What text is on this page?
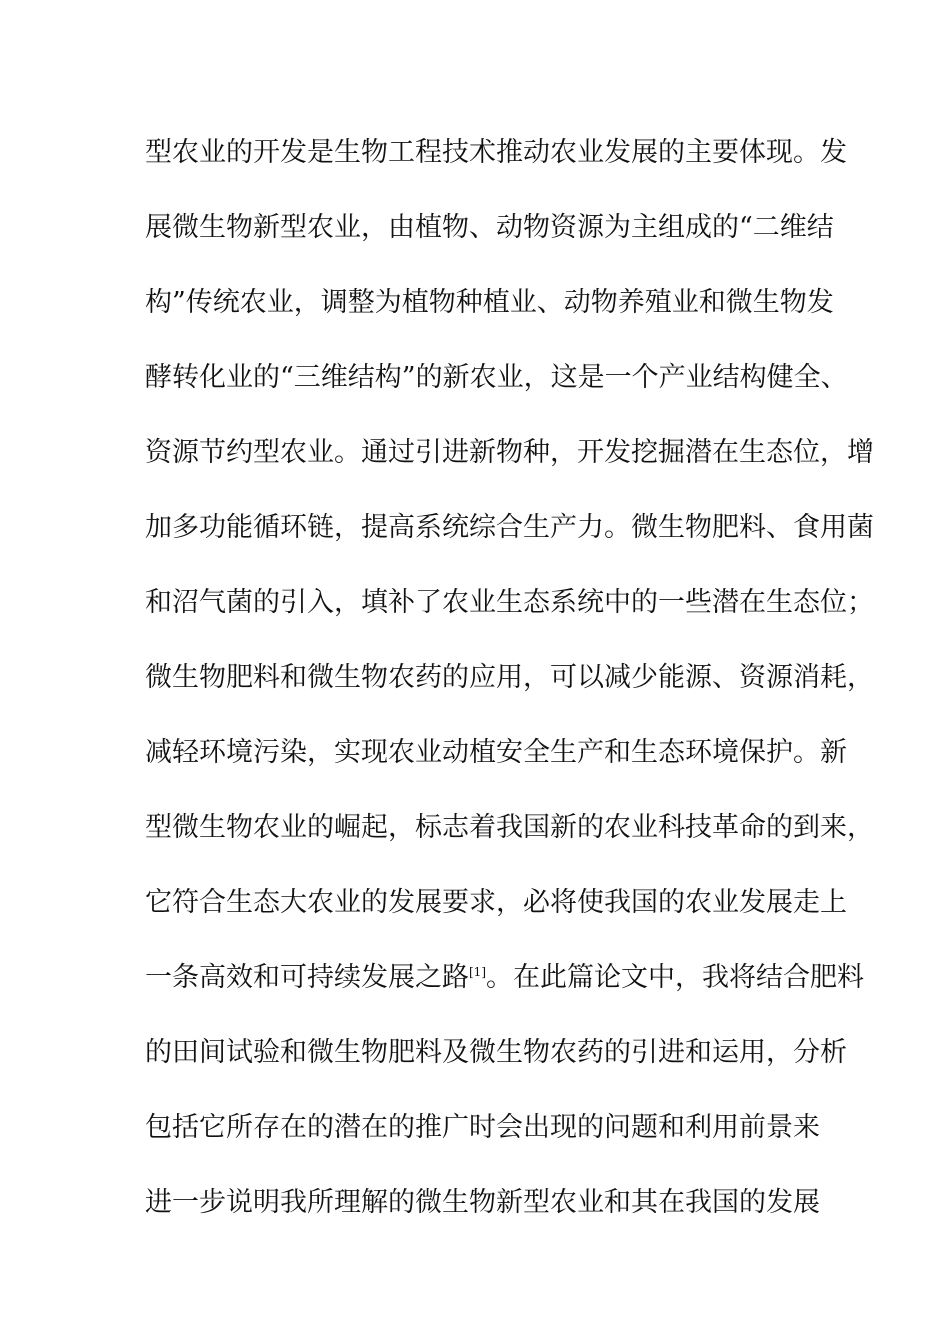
型农业的开发是生物工程技术推动农业发展的主要体现。发
展微生物新型农业，由植物、动物资源为主组成的“二维结
构”传统农业，调整为植物种植业、动物养殖业和微生物发
酵转化业的“三维结构”的新农业，这是一个产业结构健全、
资源节约型农业。通过引进新物种，开发挖掘潜在生态位，增
加多功能循环链，提高系统综合生产力。微生物肥料、食用菌
和沼气菌的引入，填补了农业生态系统中的一些潜在生态位；
微生物肥料和微生物农药的应用，可以减少能源、资源消耗，
减轻环境污染，实现农业动植安全生产和生态环境保护。新
型微生物农业的崛起，标志着我国新的农业科技革命的到来，
它符合生态大农业的发展要求，必将使我国的农业发展走上
一条高效和可持续发展之路[1]。在此篇论文中，我将结合肥料
的田间试验和微生物肥料及微生物农药的引进和运用，分析
包括它所存在的潜在的推广时会出现的问题和利用前景来
进一步说明我所理解的微生物新型农业和其在我国的发展
